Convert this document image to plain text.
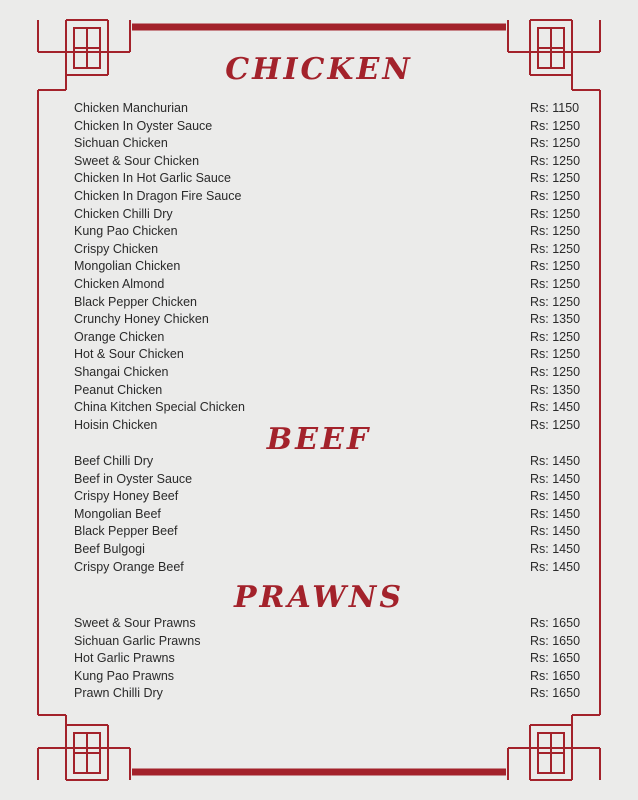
CHICKEN
BEEF
PRAWNS
Chicken Manchurian	Rs: 1150
Chicken In Oyster Sauce	Rs: 1250
Sichuan Chicken	Rs: 1250
Sweet & Sour Chicken	Rs: 1250
Chicken In Hot Garlic Sauce	Rs: 1250
Chicken In Dragon Fire Sauce	Rs: 1250
Chicken Chilli Dry	Rs: 1250
Kung Pao Chicken	Rs: 1250
Crispy Chicken	Rs: 1250
Mongolian Chicken	Rs: 1250
Chicken Almond	Rs: 1250
Black Pepper Chicken	Rs: 1250
Crunchy Honey Chicken	Rs: 1350
Orange Chicken	Rs: 1250
Hot & Sour Chicken	Rs: 1250
Shangai Chicken	Rs: 1250
Peanut Chicken	Rs: 1350
China Kitchen Special Chicken	Rs: 1450
Hoisin Chicken	Rs: 1250
Beef Chilli Dry	Rs: 1450
Beef in Oyster Sauce	Rs: 1450
Crispy Honey Beef	Rs: 1450
Mongolian Beef	Rs: 1450
Black Pepper Beef	Rs: 1450
Beef Bulgogi	Rs: 1450
Crispy Orange Beef	Rs: 1450
Sweet & Sour Prawns	Rs: 1650
Sichuan Garlic Prawns	Rs: 1650
Hot Garlic Prawns	Rs: 1650
Kung Pao Prawns	Rs: 1650
Prawn Chilli Dry	Rs: 1650
